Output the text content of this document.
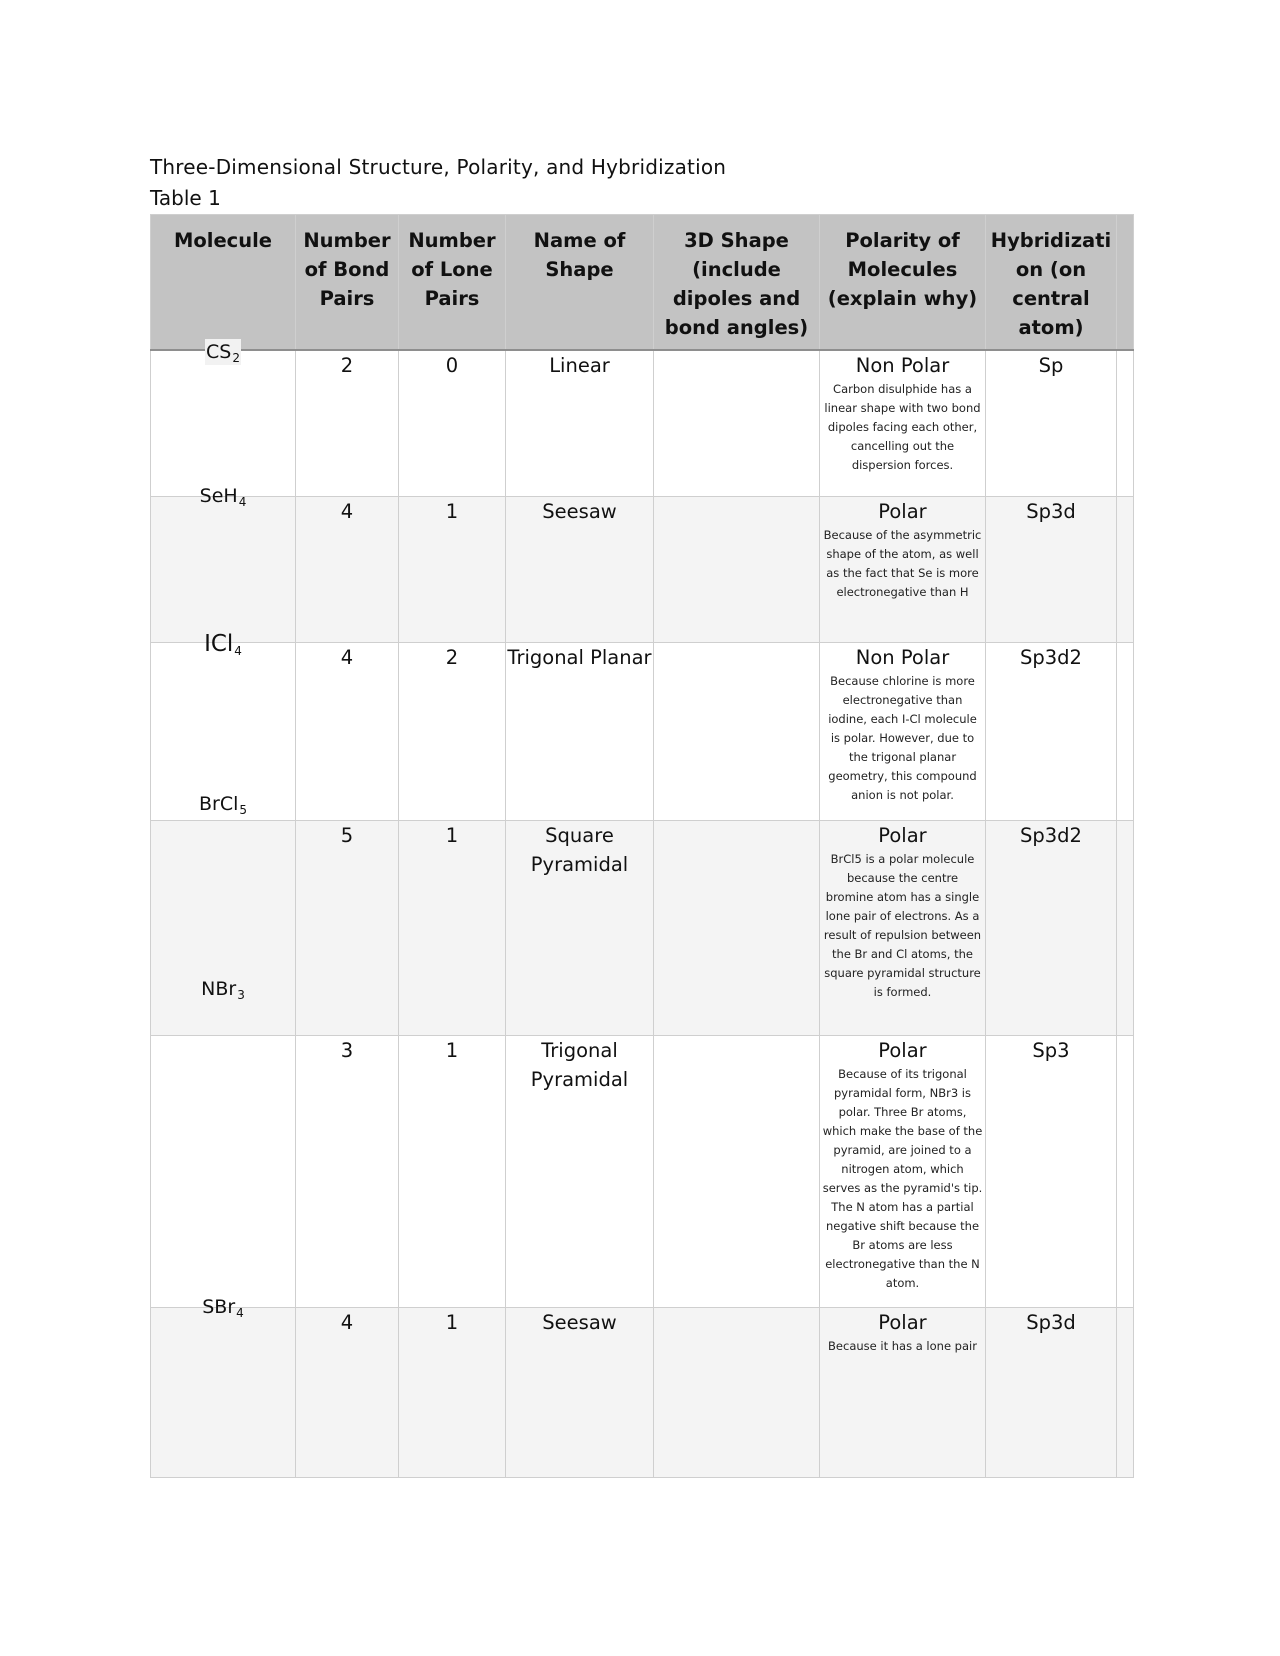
Three-Dimensional Structure, Polarity, and Hybridization
Table 1
Molecule	Number of Bond Pairs	Number of Lone Pairs	Name of Shape	3D Shape (include dipoles and bond angles)	Polarity of Molecules (explain why)	Hybridizati on (on central atom)	

$CS_2$	2	0	Linear		Non Polar
Carbon disulphide has a linear shape with two bond dipoles facing each other, cancelling out the dispersion forces.	Sp	
SeH$_4$	4	1	Seesaw		Polar
Because of the asymmetric shape of the atom, as well as the fact that Se is more electronegative than H	Sp3d	
ICl4	4	2	Trigonal Planar		Non Polar
Because chlorine is more electronegative than iodine, each I-Cl molecule is polar. However, due to the trigonal planar geometry, this compound anion is not polar.	Sp3d2	
BrCl$_5$	5	1	Square Pyramidal		Polar
BrCl5 is a polar molecule because the centre bromine atom has a single lone pair of electrons. As a result of repulsion between the Br and Cl atoms, the square pyramidal structure is formed.	Sp3d2	
NBr$_3$	3	1	Trigonal Pyramidal		Polar
Because of its trigonal pyramidal form, NBr3 is polar. Three Br atoms, which make the base of the pyramid, are joined to a nitrogen atom, which serves as the pyramid's tip. The N atom has a partial negative shift because the Br atoms are less electronegative than the N atom.	Sp3	
SBr$_4$	4	1	Seesaw		Polar
Because it has a lone pair	Sp3d	
